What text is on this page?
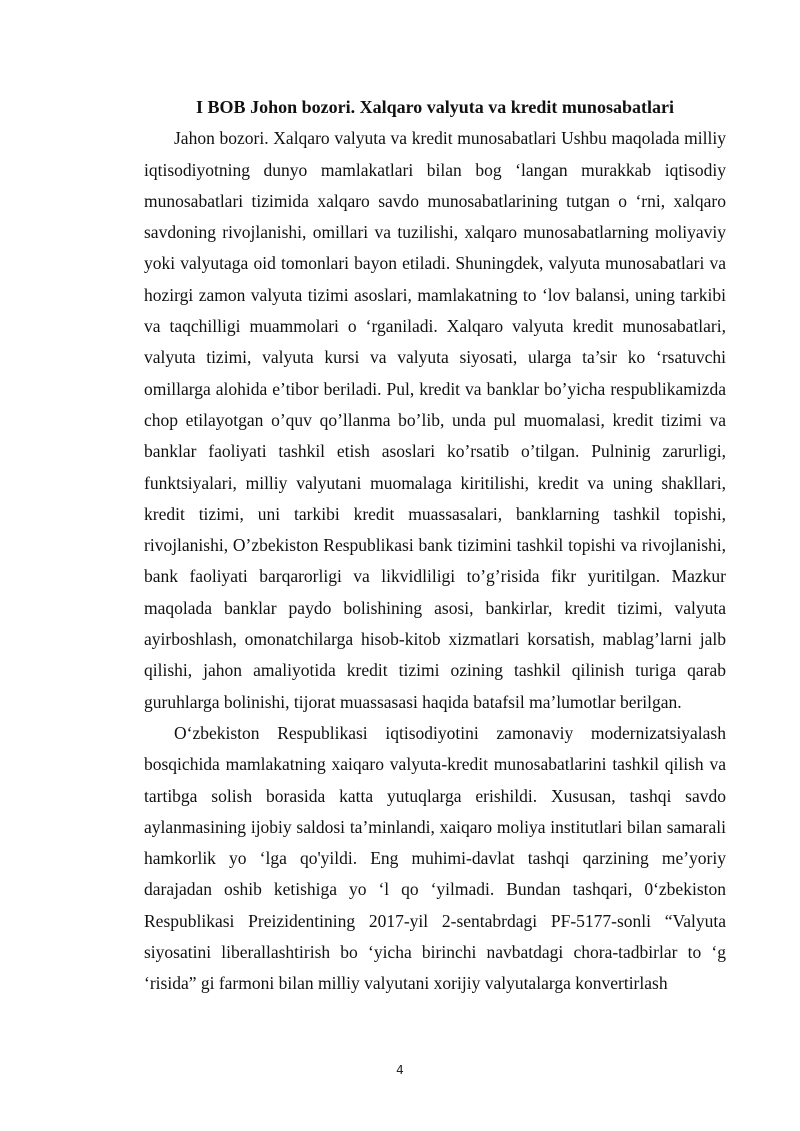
I BOB Johon bozori. Xalqaro valyuta va kredit munosabatlari

Jahon bozori. Xalqaro valyuta va kredit munosabatlari Ushbu maqolada milliy iqtisodiyotning dunyo mamlakatlari bilan bog ‘langan murakkab iqtisodiy munosabatlari tizimida xalqaro savdo munosabatlarining tutgan o ‘rni, xalqaro savdoning rivojlanishi, omillari va tuzilishi, xalqaro munosabatlarning moliyaviy yoki valyutaga oid tomonlari bayon etiladi. Shuningdek, valyuta munosabatlari va hozirgi zamon valyuta tizimi asoslari, mamlakatning to ‘lov balansi, uning tarkibi va taqchilligi muammolari o ‘rganiladi. Xalqaro valyuta kredit munosabatlari, valyuta tizimi, valyuta kursi va valyuta siyosati, ularga ta’sir ko ‘rsatuvchi omillarga alohida e’tibor beriladi. Pul, kredit va banklar bo’yicha respublikamizda chop etilayotgan o’quv qo’llanma bo’lib, unda pul muomalasi, kredit tizimi va banklar faoliyati tashkil etish asoslari ko’rsatib o’tilgan. Pulninig zarurligi, funktsiyalari, milliy valyutani muomalaga kiritilishi, kredit va uning shakllari, kredit tizimi, uni tarkibi kredit muassasalari, banklarning tashkil topishi, rivojlanishi, O’zbekiston Respublikasi bank tizimini tashkil topishi va rivojlanishi, bank faoliyati barqarorligi va likvidliligi to’g’risida fikr yuritilgan. Mazkur maqolada banklar paydo bolishining asosi, bankirlar, kredit tizimi, valyuta ayirboshlash, omonatchilarga hisob-kitob xizmatlari korsatish, mablag’larni jalb qilishi, jahon amaliyotida kredit tizimi ozining tashkil qilinish turiga qarab guruhlarga bolinishi, tijorat muassasasi haqida batafsil ma’lumotlar berilgan.

O‘zbekiston Respublikasi iqtisodiyotini zamonaviy modernizatsiyalash bosqichida mamlakatning xaiqaro valyuta-kredit munosabatlarini tashkil qilish va tartibga solish borasida katta yutuqlarga erishildi. Xususan, tashqi savdo aylanmasining ijobiy saldosi ta’minlandi, xaiqaro moliya institutlari bilan samarali hamkorlik yo ‘lga qo'yildi. Eng muhimi-davlat tashqi qarzining me’yoriy darajadan oshib ketishiga yo ‘l qo ‘yilmadi. Bundan tashqari, 0‘zbekiston Respublikasi Preizidentining 2017-yil 2-sentabrdagi PF-5177-sonli “Valyuta siyosatini liberallashtirish bo ‘yicha birinchi navbatdagi chora-tadbirlar to ‘g ‘risida” gi farmoni bilan milliy valyutani xorijiy valyutalarga konvertirlash

4
